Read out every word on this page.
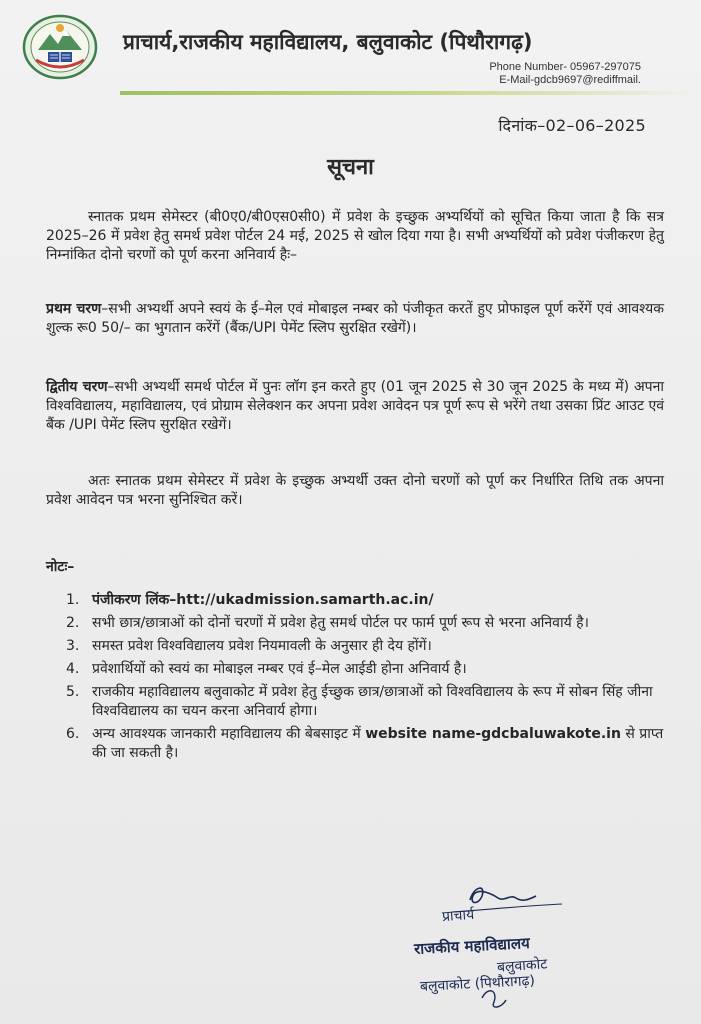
प्राचार्य,राजकीय महाविद्यालय, बलुवाकोट (पिथौरागढ़)
Phone Number- 05967-297075
E-Mail-gdcb9697@rediffmail.
दिनांक–02–06–2025
सूचना
स्नातक प्रथम सेमेस्टर (बी0ए0/बी0एस0सी0) में प्रवेश के इच्छुक अभ्यर्थियों को सूचित किया जाता है कि सत्र 2025–26 में प्रवेश हेतु समर्थ प्रवेश पोर्टल 24 मई, 2025 से खोल दिया गया है। सभी अभ्यर्थियों को प्रवेश पंजीकरण हेतु निम्नांकित दोनो चरणों को पूर्ण करना अनिवार्य हैः–
प्रथम चरण–सभी अभ्यर्थी अपने स्वयं के ई–मेल एवं मोबाइल नम्बर को पंजीकृत करतें हुए प्रोफाइल पूर्ण करेंगें एवं आवश्यक शुल्क रू0 50/– का भुगतान करेंगें (बैंक/UPI पेमेंट स्लिप सुरक्षित रखेगें)।
द्वितीय चरण–सभी अभ्यर्थी समर्थ पोर्टल में पुनः लॉग इन करते हुए (01 जून 2025 से 30 जून 2025 के मध्य में) अपना विश्वविद्यालय, महाविद्यालय, एवं प्रोग्राम सेलेक्शन कर अपना प्रवेश आवेदन पत्र पूर्ण रूप से भरेंगे तथा उसका प्रिंट आउट एवं बैंक /UPI पेमेंट स्लिप सुरक्षित रखेगें।
अतः स्नातक प्रथम सेमेस्टर में प्रवेश के इच्छुक अभ्यर्थी उक्त दोनो चरणों को पूर्ण कर निर्धारित तिथि तक अपना प्रवेश आवेदन पत्र भरना सुनिश्चित करें।
नोटः–
1. पंजीकरण लिंक–htt://ukadmission.samarth.ac.in/
2. सभी छात्र/छात्राओं को दोनों चरणों में प्रवेश हेतु समर्थ पोर्टल पर फार्म पूर्ण रूप से भरना अनिवार्य है।
3. समस्त प्रवेश विश्वविद्यालय प्रवेश नियमावली के अनुसार ही देय होंगें।
4. प्रवेशार्थियों को स्वयं का मोबाइल नम्बर एवं ई–मेल आईडी होना अनिवार्य है।
5. राजकीय महाविद्यालय बलुवाकोट में प्रवेश हेतु ईच्छुक छात्र/छात्राओं को विश्वविद्यालय के रूप में सोबन सिंह जीना विश्वविद्यालय का चयन करना अनिवार्य होगा।
6. अन्य आवश्यक जानकारी महाविद्यालय की बेबसाइट में website name-gdcbaluwakote.in से प्राप्त की जा सकती है।
प्राचार्य
राजकीय महाविद्यालय
बलुवाकोट
बलुवाकोट (पिथौरागढ़)
